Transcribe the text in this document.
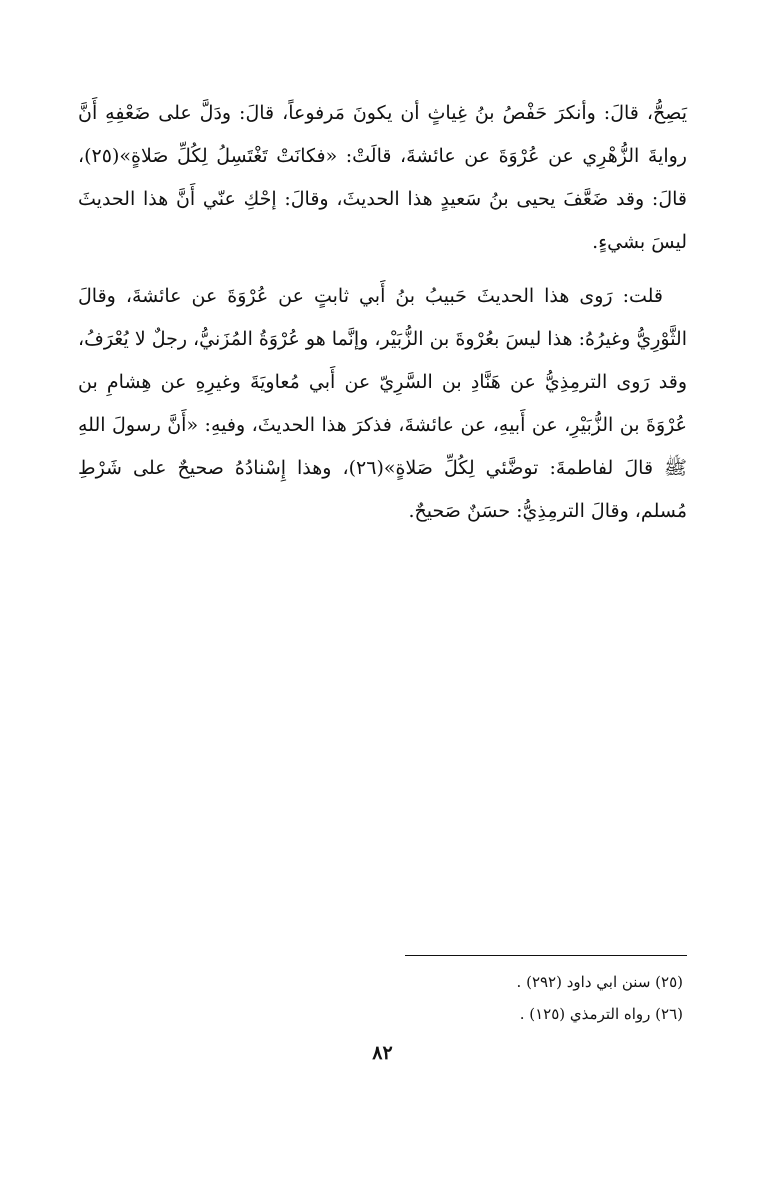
يَصِحُّ، قالَ: وأنكرَ حَفْصُ بنُ غِياثٍ أن يكونَ مَرفوعاً، قالَ: ودَلَّ على ضَعْفِهِ أَنَّ روايةَ الزُّهْرِي عن عُرْوَةَ عن عائشةَ، قالَتْ: «فكانَتْ تَغْتَسِلُ لِكُلِّ صَلاةٍ»(٢٥)، قالَ: وقد ضَعَّفَ يحيى بنُ سَعيدٍ هذا الحديثَ، وقالَ: إحْكِ عنّي أَنَّ هذا الحديثَ ليسَ بشيءٍ.

قلت: رَوى هذا الحديثَ حَبيبُ بنُ أَبي ثابتٍ عن عُرْوَةَ عن عائشةَ، وقالَ الثَّوْرِيُّ وغيرُهُ: هذا ليسَ بعُرْوةَ بن الزُّبَيْر، وإنَّما هو عُرْوَةُ المُزَنيُّ، رجلٌ لا يُعْرَفُ، وقد رَوى الترمِذِيُّ عن هَنَّادِ بن السَّرِيّ عن أَبي مُعاويَةَ وغيرِهِ عن هِشامِ بن عُرْوَةَ بن الزُّبَيْرِ، عن أَبيهِ، عن عائشةَ، فذكرَ هذا الحديثَ، وفيهِ: «أَنَّ رسولَ اللهِ ﷺ قالَ لفاطمةَ: توضَّئي لِكُلِّ صَلاةٍ»(٢٦)، وهذا إِسْنادُهُ صحيحٌ على شَرْطِ مُسلم، وقالَ الترمِذِيُّ: حسَنٌ صَحيحٌ.

(٢٥) سنن ابي داود (٢٩٢) .

(٢٦) رواه الترمذي (١٢٥) .

٨٢
